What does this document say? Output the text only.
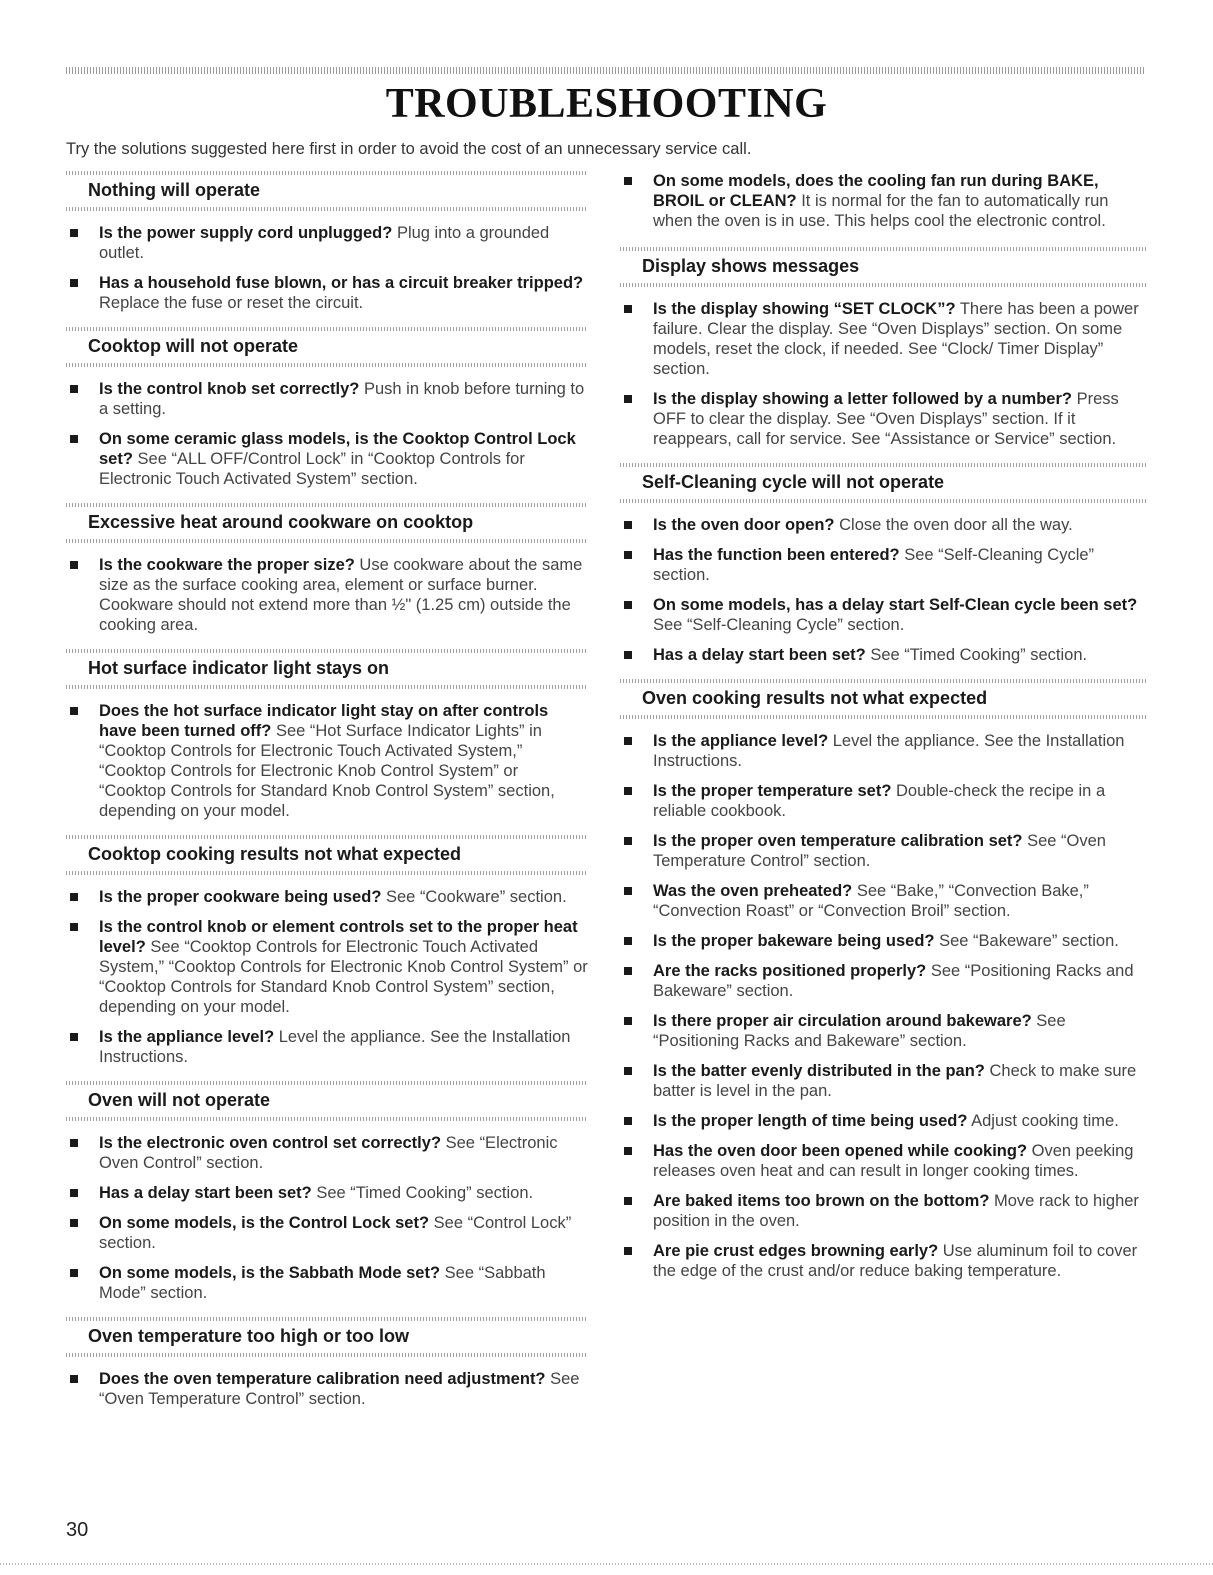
TROUBLESHOOTING
Try the solutions suggested here first in order to avoid the cost of an unnecessary service call.
Nothing will operate
Is the power supply cord unplugged? Plug into a grounded outlet.
Has a household fuse blown, or has a circuit breaker tripped? Replace the fuse or reset the circuit.
Cooktop will not operate
Is the control knob set correctly? Push in knob before turning to a setting.
On some ceramic glass models, is the Cooktop Control Lock set? See “ALL OFF/Control Lock” in “Cooktop Controls for Electronic Touch Activated System” section.
Excessive heat around cookware on cooktop
Is the cookware the proper size? Use cookware about the same size as the surface cooking area, element or surface burner. Cookware should not extend more than ½" (1.25 cm) outside the cooking area.
Hot surface indicator light stays on
Does the hot surface indicator light stay on after controls have been turned off? See “Hot Surface Indicator Lights” in “Cooktop Controls for Electronic Touch Activated System,” “Cooktop Controls for Electronic Knob Control System” or “Cooktop Controls for Standard Knob Control System” section, depending on your model.
Cooktop cooking results not what expected
Is the proper cookware being used? See “Cookware” section.
Is the control knob or element controls set to the proper heat level? See “Cooktop Controls for Electronic Touch Activated System,” “Cooktop Controls for Electronic Knob Control System” or “Cooktop Controls for Standard Knob Control System” section, depending on your model.
Is the appliance level? Level the appliance. See the Installation Instructions.
Oven will not operate
Is the electronic oven control set correctly? See “Electronic Oven Control” section.
Has a delay start been set? See “Timed Cooking” section.
On some models, is the Control Lock set? See “Control Lock” section.
On some models, is the Sabbath Mode set? See “Sabbath Mode” section.
Oven temperature too high or too low
Does the oven temperature calibration need adjustment? See “Oven Temperature Control” section.
On some models, does the cooling fan run during BAKE, BROIL or CLEAN? It is normal for the fan to automatically run when the oven is in use. This helps cool the electronic control.
Display shows messages
Is the display showing “SET CLOCK”? There has been a power failure. Clear the display. See “Oven Displays” section. On some models, reset the clock, if needed. See “Clock/ Timer Display” section.
Is the display showing a letter followed by a number? Press OFF to clear the display. See “Oven Displays” section. If it reappears, call for service. See “Assistance or Service” section.
Self-Cleaning cycle will not operate
Is the oven door open? Close the oven door all the way.
Has the function been entered? See “Self-Cleaning Cycle” section.
On some models, has a delay start Self-Clean cycle been set? See “Self-Cleaning Cycle” section.
Has a delay start been set? See “Timed Cooking” section.
Oven cooking results not what expected
Is the appliance level? Level the appliance. See the Installation Instructions.
Is the proper temperature set? Double-check the recipe in a reliable cookbook.
Is the proper oven temperature calibration set? See “Oven Temperature Control” section.
Was the oven preheated? See “Bake,” “Convection Bake,” “Convection Roast” or “Convection Broil” section.
Is the proper bakeware being used? See “Bakeware” section.
Are the racks positioned properly? See “Positioning Racks and Bakeware” section.
Is there proper air circulation around bakeware? See “Positioning Racks and Bakeware” section.
Is the batter evenly distributed in the pan? Check to make sure batter is level in the pan.
Is the proper length of time being used? Adjust cooking time.
Has the oven door been opened while cooking? Oven peeking releases oven heat and can result in longer cooking times.
Are baked items too brown on the bottom? Move rack to higher position in the oven.
Are pie crust edges browning early? Use aluminum foil to cover the edge of the crust and/or reduce baking temperature.
30
